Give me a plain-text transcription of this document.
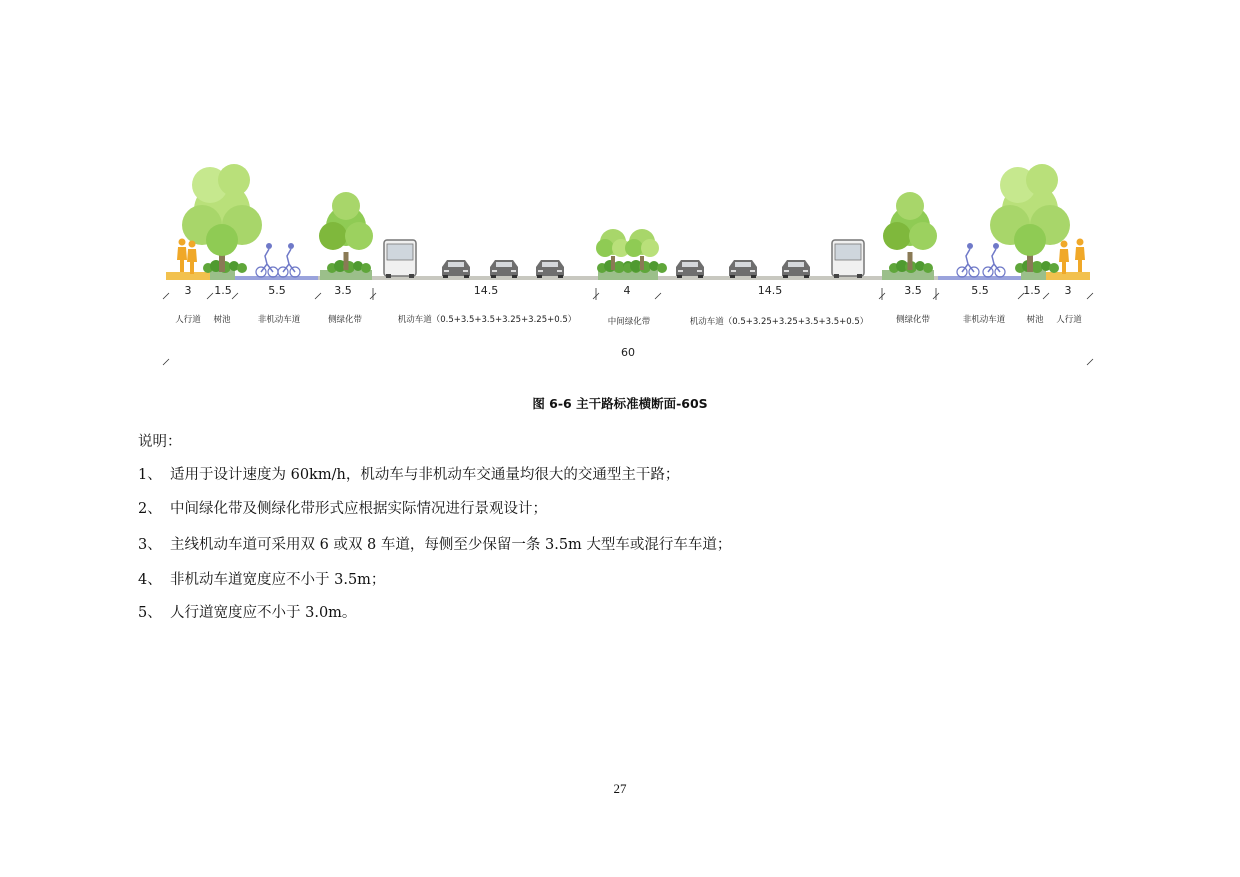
3 1.5	5.5	3.5	14.5	4	14.5	3.5	5.5	1.5 3
人行道 树池	非机动车道	侧绿化带	机动车道（0.5+3.5+3.5+3.25+3.25+0.5）	中间绿化带	机动车道（0.5+3.25+3.25+3.5+3.5+0.5）	侧绿化带	非机动车道 树池 人行道
60
图 6-6 主干路标准横断面-60S
说明：
1、 适用于设计速度为 60km/h，机动车与非机动车交通量均很大的交通型主干路；
2、 中间绿化带及侧绿化带形式应根据实际情况进行景观设计；
3、 主线机动车道可采用双 6 或双 8 车道，每侧至少保留一条 3.5m 大型车或混行车车道；
4、 非机动车道宽度应不小于 3.5m；
5、 人行道宽度应不小于 3.0m。
27
